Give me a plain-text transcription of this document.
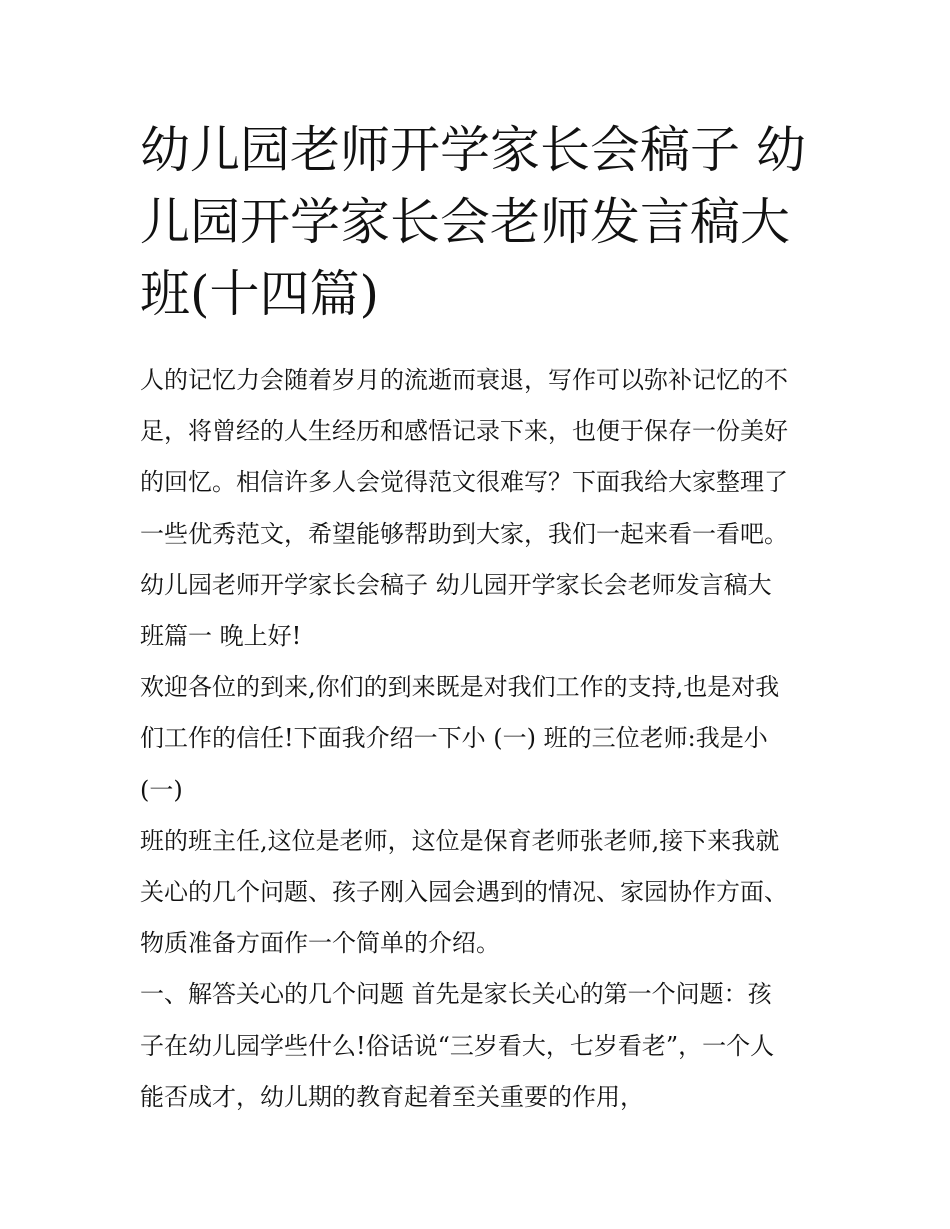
幼儿园老师开学家长会稿子 幼
儿园开学家长会老师发言稿大
班(十四篇)
人的记忆力会随着岁月的流逝而衰退，写作可以弥补记忆的不
足，将曾经的人生经历和感悟记录下来，也便于保存一份美好
的回忆。相信许多人会觉得范文很难写？下面我给大家整理了
一些优秀范文，希望能够帮助到大家，我们一起来看一看吧。
幼儿园老师开学家长会稿子 幼儿园开学家长会老师发言稿大
班篇一 晚上好!
欢迎各位的到来,你们的到来既是对我们工作的支持,也是对我
们工作的信任!下面我介绍一下小 (一) 班的三位老师:我是小
(一)
班的班主任,这位是老师，这位是保育老师张老师,接下来我就
关心的几个问题、孩子刚入园会遇到的情况、家园协作方面、
物质准备方面作一个简单的介绍。
一、解答关心的几个问题 首先是家长关心的第一个问题：孩
子在幼儿园学些什么!俗话说“三岁看大，七岁看老”，一个人
能否成才，幼儿期的教育起着至关重要的作用，
